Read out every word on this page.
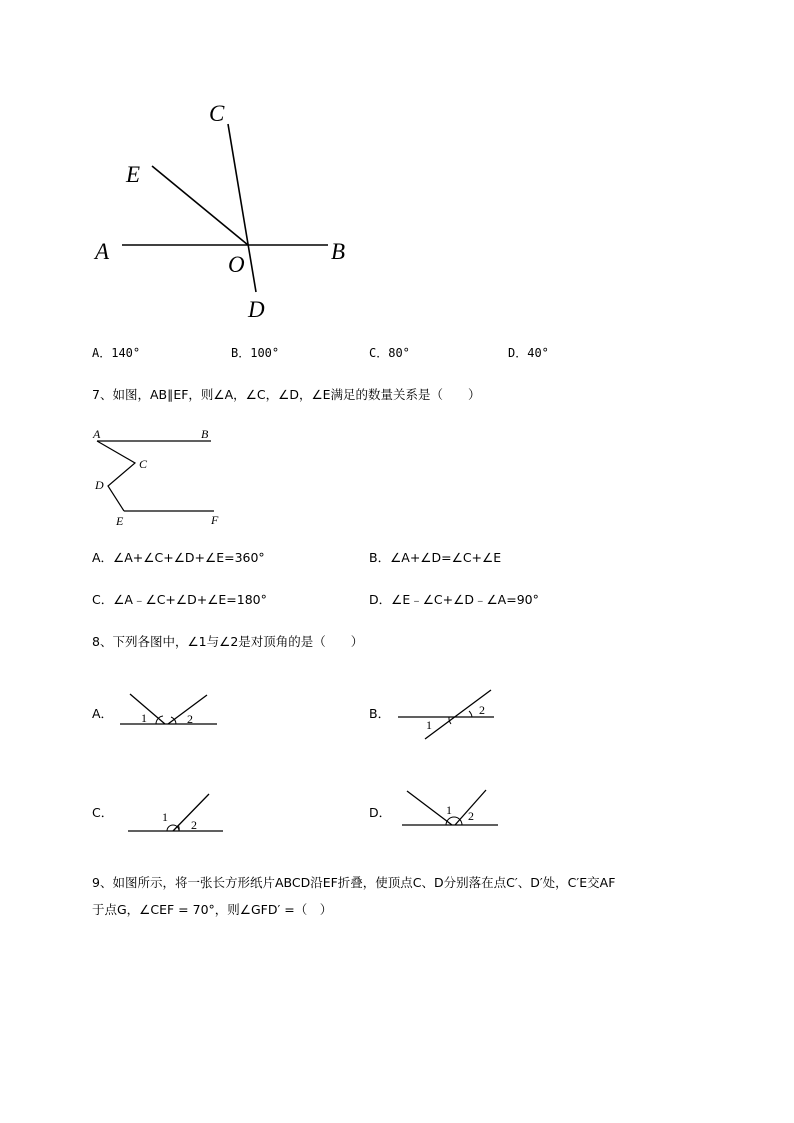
C
E
A
O
B
D
A．140°	B．100°	C．80°	D．40°
7、如图，AB∥EF，则∠A，∠C，∠D，∠E满足的数量关系是（　　）
A	B
C
D
E	F
A．∠A+∠C+∠D+∠E=360°	B．∠A+∠D=∠C+∠E
C．∠A﹣∠C+∠D+∠E=180°	D．∠E﹣∠C+∠D﹣∠A=90°
8、下列各图中，∠1与∠2是对顶角的是（　　）
A．	B．
C．	D．
1	2	1
2
1
2
1 2
9、如图所示，将一张长方形纸片ABCD沿EF折叠，使顶点C、D分别落在点C′、D′处，C′E交AF
于点G，∠CEF = 70°，则∠GFD′ =（　）
